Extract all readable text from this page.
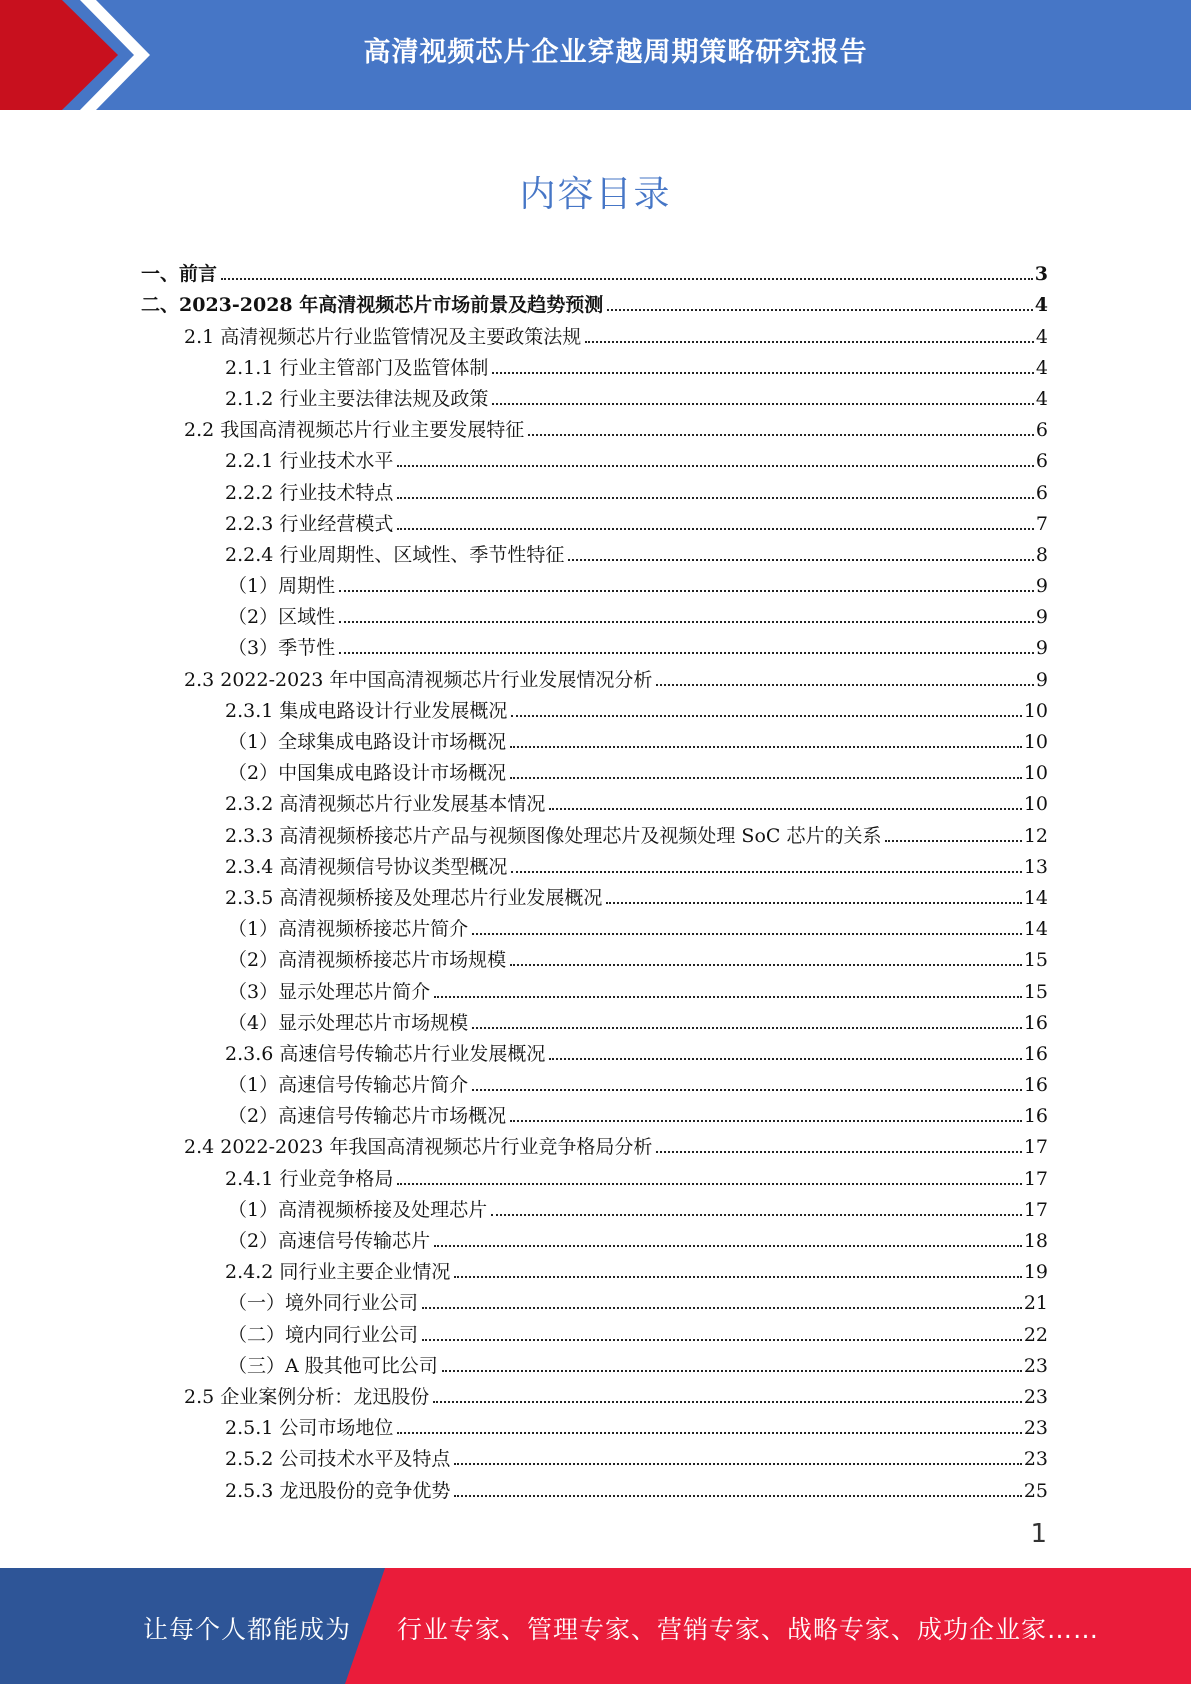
高清视频芯片企业穿越周期策略研究报告
内容目录
一、前言	3
二、2023-2028 年高清视频芯片市场前景及趋势预测	4
2.1 高清视频芯片行业监管情况及主要政策法规	4
2.1.1 行业主管部门及监管体制	4
2.1.2 行业主要法律法规及政策	4
2.2 我国高清视频芯片行业主要发展特征	6
2.2.1 行业技术水平	6
2.2.2 行业技术特点	6
2.2.3 行业经营模式	7
2.2.4 行业周期性、区域性、季节性特征	8
（1）周期性	9
（2）区域性	9
（3）季节性	9
2.3 2022-2023 年中国高清视频芯片行业发展情况分析	9
2.3.1 集成电路设计行业发展概况	10
（1）全球集成电路设计市场概况	10
（2）中国集成电路设计市场概况	10
2.3.2 高清视频芯片行业发展基本情况	10
2.3.3 高清视频桥接芯片产品与视频图像处理芯片及视频处理 SoC 芯片的关系	12
2.3.4 高清视频信号协议类型概况	13
2.3.5 高清视频桥接及处理芯片行业发展概况	14
（1）高清视频桥接芯片简介	14
（2）高清视频桥接芯片市场规模	15
（3）显示处理芯片简介	15
（4）显示处理芯片市场规模	16
2.3.6 高速信号传输芯片行业发展概况	16
（1）高速信号传输芯片简介	16
（2）高速信号传输芯片市场概况	16
2.4 2022-2023 年我国高清视频芯片行业竞争格局分析	17
2.4.1 行业竞争格局	17
（1）高清视频桥接及处理芯片	17
（2）高速信号传输芯片	18
2.4.2 同行业主要企业情况	19
（一）境外同行业公司	21
（二）境内同行业公司	22
（三）A 股其他可比公司	23
2.5 企业案例分析：龙迅股份	23
2.5.1 公司市场地位	23
2.5.2 公司技术水平及特点	23
2.5.3 龙迅股份的竞争优势	25
1
让每个人都能成为 行业专家、管理专家、营销专家、战略专家、成功企业家……
